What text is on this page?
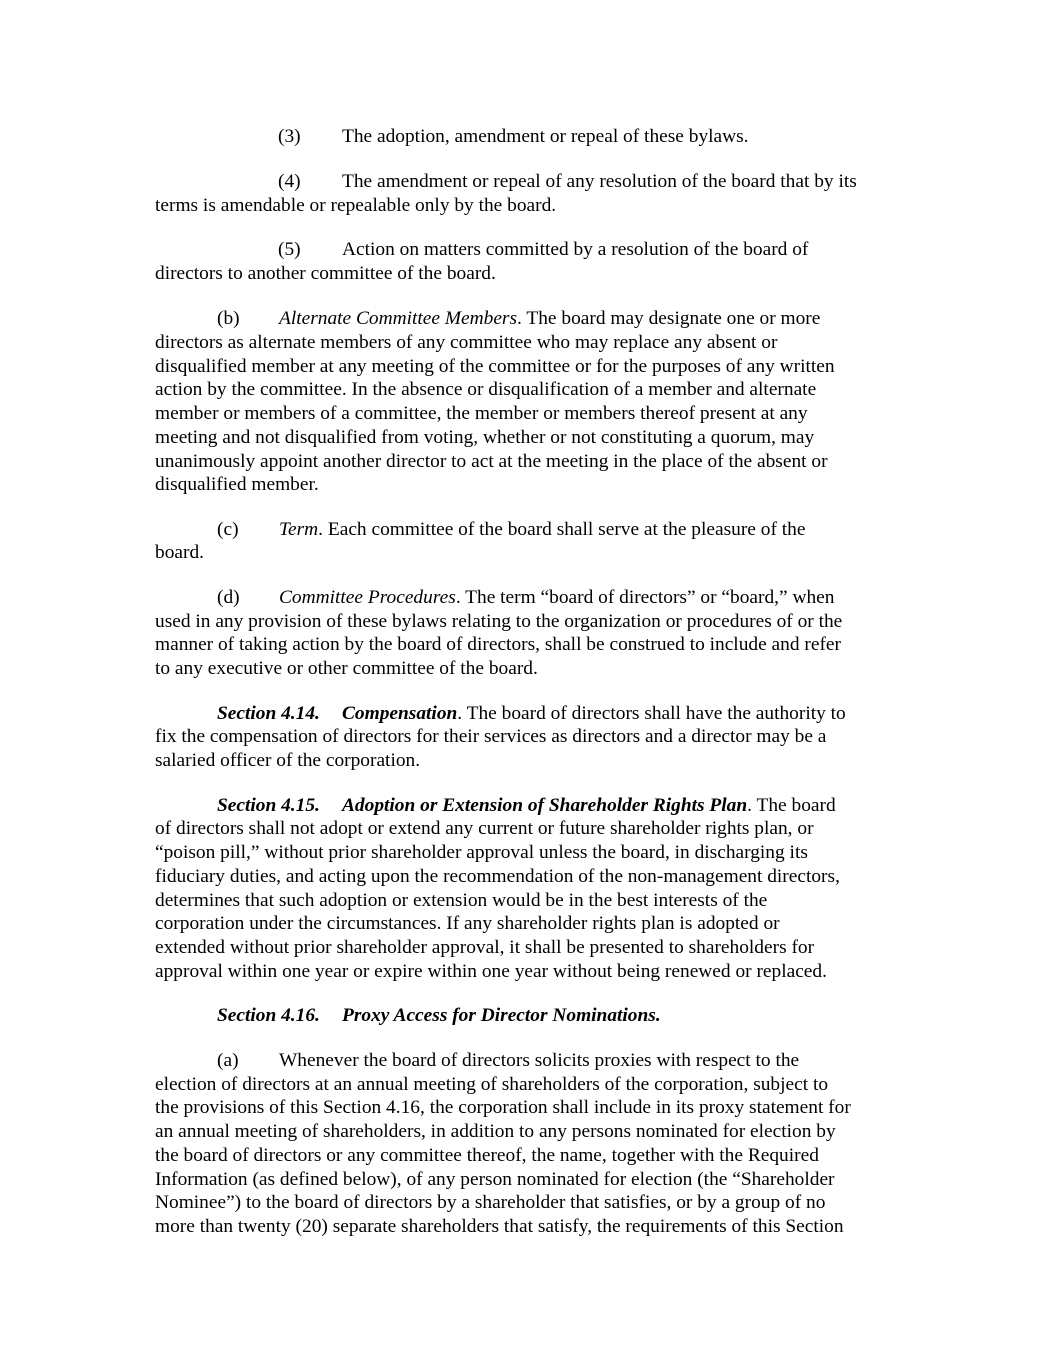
(3) The adoption, amendment or repeal of these bylaws.
(4) The amendment or repeal of any resolution of the board that by its
terms is amendable or repealable only by the board.
(5) Action on matters committed by a resolution of the board of
directors to another committee of the board.
(b) Alternate Committee Members. The board may designate one or more
directors as alternate members of any committee who may replace any absent or
disqualified member at any meeting of the committee or for the purposes of any written
action by the committee. In the absence or disqualification of a member and alternate
member or members of a committee, the member or members thereof present at any
meeting and not disqualified from voting, whether or not constituting a quorum, may
unanimously appoint another director to act at the meeting in the place of the absent or
disqualified member.
(c) Term. Each committee of the board shall serve at the pleasure of the
board.
(d) Committee Procedures. The term “board of directors” or “board,” when
used in any provision of these bylaws relating to the organization or procedures of or the
manner of taking action by the board of directors, shall be construed to include and refer
to any executive or other committee of the board.
Section 4.14. Compensation. The board of directors shall have the authority to
fix the compensation of directors for their services as directors and a director may be a
salaried officer of the corporation.
Section 4.15. Adoption or Extension of Shareholder Rights Plan. The board
of directors shall not adopt or extend any current or future shareholder rights plan, or
“poison pill,” without prior shareholder approval unless the board, in discharging its
fiduciary duties, and acting upon the recommendation of the non-management directors,
determines that such adoption or extension would be in the best interests of the
corporation under the circumstances. If any shareholder rights plan is adopted or
extended without prior shareholder approval, it shall be presented to shareholders for
approval within one year or expire within one year without being renewed or replaced.
Section 4.16. Proxy Access for Director Nominations.
(a) Whenever the board of directors solicits proxies with respect to the
election of directors at an annual meeting of shareholders of the corporation, subject to
the provisions of this Section 4.16, the corporation shall include in its proxy statement for
an annual meeting of shareholders, in addition to any persons nominated for election by
the board of directors or any committee thereof, the name, together with the Required
Information (as defined below), of any person nominated for election (the “Shareholder
Nominee”) to the board of directors by a shareholder that satisfies, or by a group of no
more than twenty (20) separate shareholders that satisfy, the requirements of this Section
